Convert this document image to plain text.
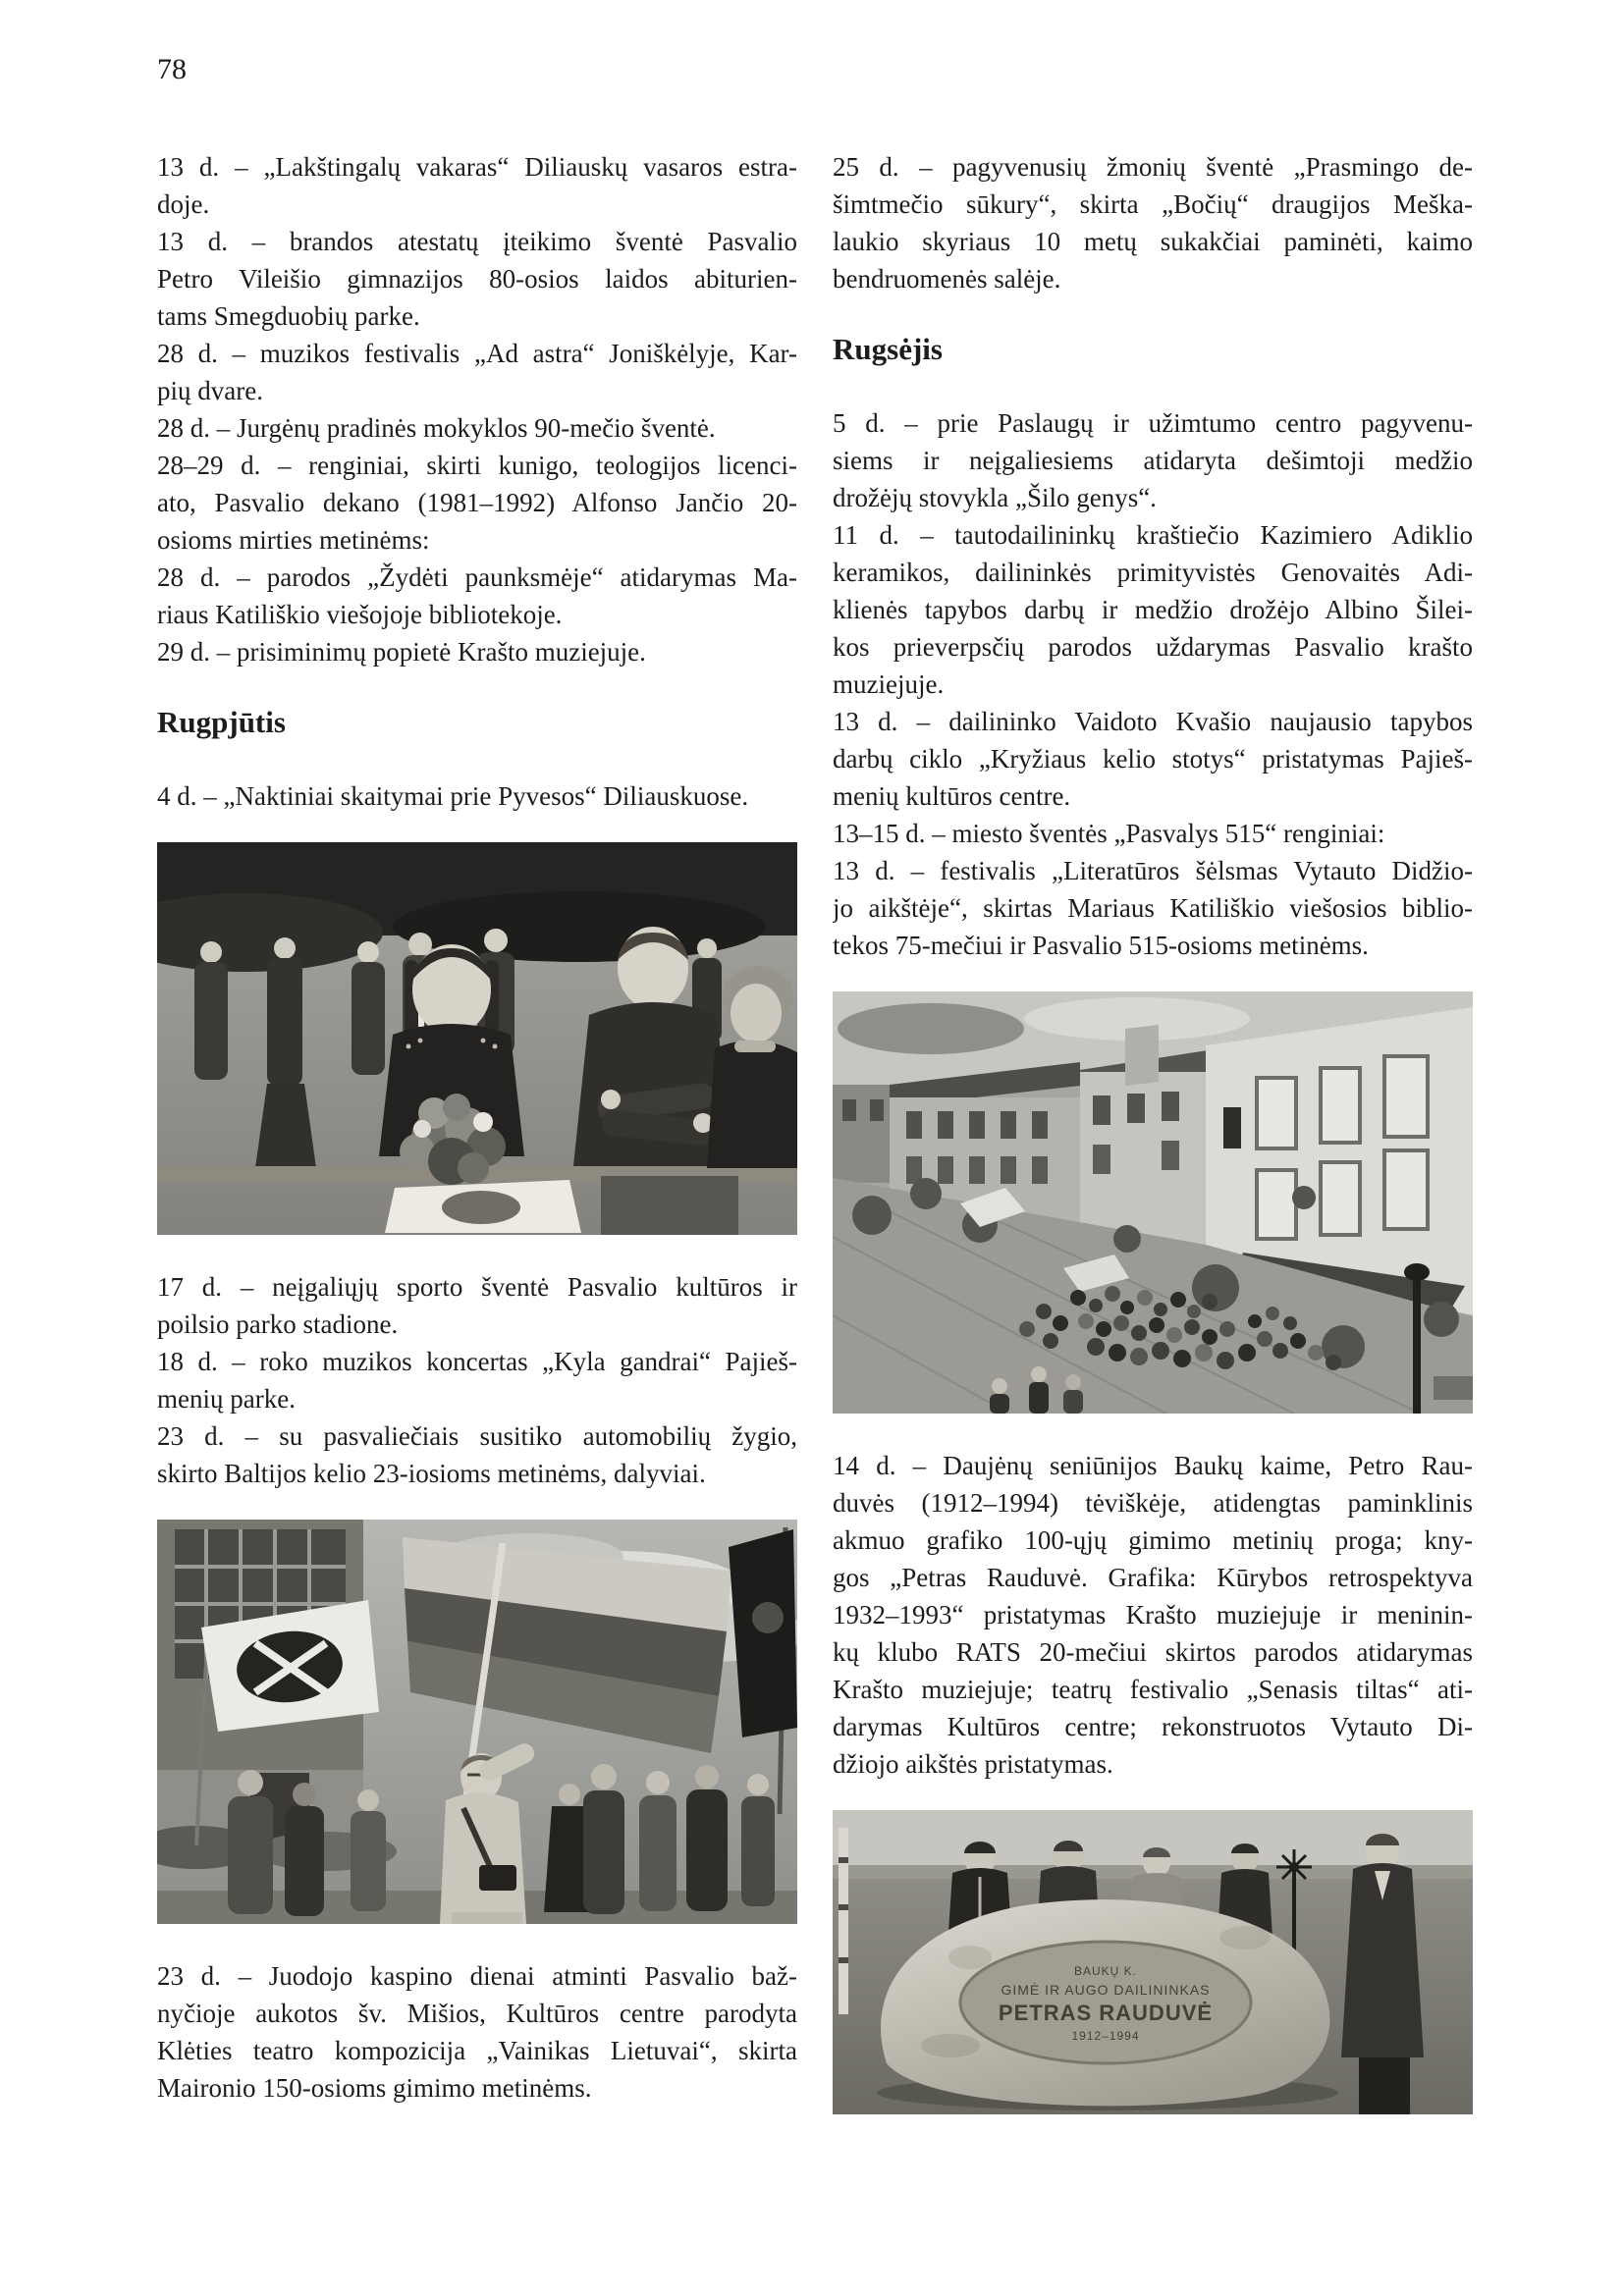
78
13 d. – „Lakštingalų vakaras“ Diliauskų vasaros estra-
doje.
13 d. – brandos atestatų įteikimo šventė Pasvalio
Petro Vileišio gimnazijos 80-osios laidos abiturien-
tams Smegduobių parke.
28 d. – muzikos festivalis „Ad astra“ Joniškėlyje, Kar-
pių dvare.
28 d. – Jurgėnų pradinės mokyklos 90-mečio šventė.
28–29 d. – renginiai, skirti kunigo, teologijos licenci-
ato, Pasvalio dekano (1981–1992) Alfonso Jančio 20-
osioms mirties metinėms:
28 d. – parodos „Žydėti paunksmėje“ atidarymas Ma-
riaus Katiliškio viešojoje bibliotekoje.
29 d. – prisiminimų popietė Krašto muziejuje.
Rugpjūtis
4 d. – „Naktiniai skaitymai prie Pyvesos“ Diliauskuose.
17 d. – neįgaliųjų sporto šventė Pasvalio kultūros ir
poilsio parko stadione.
18 d. – roko muzikos koncertas „Kyla gandrai“ Pajieš-
menių parke.
23 d. – su pasvaliečiais susitiko automobilių žygio,
skirto Baltijos kelio 23-iosioms metinėms, dalyviai.
23 d. – Juodojo kaspino dienai atminti Pasvalio baž-
nyčioje aukotos šv. Mišios, Kultūros centre parodyta
Klėties teatro kompozicija „Vainikas Lietuvai“, skirta
Maironio 150-osioms gimimo metinėms.
25 d. – pagyvenusių žmonių šventė „Prasmingo de-
šimtmečio sūkury“, skirta „Bočių“ draugijos Meška-
laukio skyriaus 10 metų sukakčiai paminėti, kaimo
bendruomenės salėje.
Rugsėjis
5 d. – prie Paslaugų ir užimtumo centro pagyvenu-
siems ir neįgaliesiems atidaryta dešimtoji medžio
drožėjų stovykla „Šilo genys“.
11 d. – tautodailininkų kraštiečio Kazimiero Adiklio
keramikos, dailininkės primityvistės Genovaitės Adi-
klienės tapybos darbų ir medžio drožėjo Albino Šilei-
kos prieverpsčių parodos uždarymas Pasvalio krašto
muziejuje.
13 d. – dailininko Vaidoto Kvašio naujausio tapybos
darbų ciklo „Kryžiaus kelio stotys“ pristatymas Pajieš-
menių kultūros centre.
13–15 d. – miesto šventės „Pasvalys 515“ renginiai:
13 d. – festivalis „Literatūros šėlsmas Vytauto Didžio-
jo aikštėje“, skirtas Mariaus Katiliškio viešosios biblio-
tekos 75-mečiui ir Pasvalio 515-osioms metinėms.
14 d. – Daujėnų seniūnijos Baukų kaime, Petro Rau-
duvės (1912–1994) tėviškėje, atidengtas paminklinis
akmuo grafiko 100-ųjų gimimo metinių proga; kny-
gos „Petras Rauduvė. Grafika: Kūrybos retrospektyva
1932–1993“ pristatymas Krašto muziejuje ir meninin-
kų klubo RATS 20-mečiui skirtos parodos atidarymas
Krašto muziejuje; teatrų festivalio „Senasis tiltas“ ati-
darymas Kultūros centre; rekonstruotos Vytauto Di-
džiojo aikštės pristatymas.
BAUKŲ K.
GIMĖ IR AUGO DAILININKAS
PETRAS RAUDUVĖ
1912–1994
